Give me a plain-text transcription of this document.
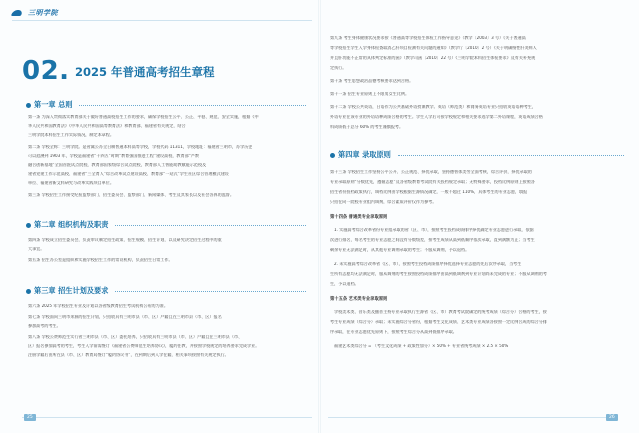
三明学院
02. 2025 年普通高考招生章程
第一章 总则
第一条 为深入贯彻落实教育部关于做好普通高校招生工作的要求，确保学校招生公平、公正、平稳、规范、安全实施，根据《中
华人民共和国教育法》《中华人民共和国高等教育法》和教育部、福建省有关规定，结合
三明学院本科招生工作实际情况，制定本章程。
第二条 学校全称：三明学院。是省属公办全日制普通本科高等学校，学校代码 11311，学校地址：福建省三明市，办学历史
可以追溯到 1903 年，学校是福建省“十四五”时期“教育强国推进工程”建设高校，教育部“产教
融合创新基地”全国首批试点院校，教育部国家级综合试点院校，教育部人工智能助教赋能示范校及
建省党建工作示范高校、福建省“三全育人”综合改革试点建设高校、教育部“一站式”学生社区综合管理模式建设
单位、福建省新文科研究与改革实践项目单位。
第三条 学校招生工作接受纪检监察部门、招生委员会、监察部门、新闻媒体、考生及其家长以及社会各界的监督。
第二章 组织机构及职责
第四条 学校成立招生委员会，负责审议制定招生政策、招生规模、招生计划，以及研究决定招生过程中的重
大事宜。
第五条 招生办公室是组织和实施学校招生工作的常设机构，负责招生日常工作。
第三章 招生计划及要求
第六条 2025 年学校招生专业及计划以各省级教育招生考试机构公布的为准。
第七条 学校面向三明市来源的招生计划，只招收具有三明市县（市、区）户籍且在三明市县（市、区）报名
参加高考的考生。
第八条 学校公费师范生实行省三明市县（市、区）委托培养，只招收具有三明市县（市、区）户籍且在三明市县（市、
区）报名参加高考的考生，考生入学前需签订《福建省公费师范生培养协议》，履约任教，并按照学校规定的培养要求完成学业。
注册学籍后由所在县（市、区）教育局签订“履约协议书”，在到期后到入学在籍，相关事项按照有关规定执行。
25
第九条 考生身体健康状况要求按《普通高等学校招生体检工作指导意见》（教学〔2003〕3 号）《关于普通高
等学校招生学生入学身体检查取消乙肝项目检测有关问题的通知》（教学厅〔2010〕2 号）《关于明确慢性肝炎病人
并且肝功能不正常的具体判定标准的函》（教学司函〔2010〕22 号）《三明学院本科招生体检要求》及有关补充规
定执行。
第十条 考生思想政治品德考核要求达到合格。
第十一条 招生专业原则上不限男女生比例。
第十二条 学校公共英语，日语作为公共基础外语授课教学。英语（师范类）和商务英语专业只招收英语语种考生，
外语专业在该专业的外语语种成绩合格的考生。学生入学后可按学校规定和相关要求选学第二外语课程，英语成绩合格
科成绩低于总分 60% 的考生谨慎报考。
第四章 录取原则
第十三条 学校招生工作坚持公平公开、公正规范、择优录取，坚持德智体美劳全面考核，综合评价，择优录取的
专业录取原则“分数优先，遵循志愿”及各省级教育考试院有关投档规定录取；无特殊要求，投档比例原则上按照各
招生省份投档政策执行，调档比例由学校根据生源情况确定，一般不超过 110%，具体考生的专业志愿，填报
只招在同一院校专业组内调剂，综合素质评价仅作为参考。
第十四条 普通类专业录取原则
1. 实施高考综合改革省份专业组录取的省（区、市），按照考生投档成绩排序择优确定专业志愿进行录取，依据
次进行排名，每名考生的专业志愿之间没有分数级差，按考生成绩从高到低顺序依次录取，直到满额为止；当考生
剩余专业无法满足时，从其他专业调剂录取的考生；不服从调剂，予以退档。
2. 未实施高考综合改革省（区、市），按照考生投档成绩排序择优选择专业志愿的先后次序录取，当考生
生所有志愿均无法满足时，服从调剂的考生按照投档成绩排序由高到低调剂到专业计划尚未完成的专业；不服从调剂的考
生，予以退档。
第十五条 艺术类专业录取原则
学校美术类、音乐类及播音主持专业录取执行生源省（区、市）教育考试院确定的统考成绩（综合分）合格的考生，按
考生专业成绩（综合分）录取；未实施综合分省份，根据考生文化成绩、艺术类专业成绩各按照一定比例合成的综合分排
序录取，在专业志愿优先原则下，按照考生综合分从高到低排序录取。
福建艺术类综合分 = （考生文化成绩 + 政策性加分）× 50% + 专业省统考成绩 × 2.5 × 50%
26
